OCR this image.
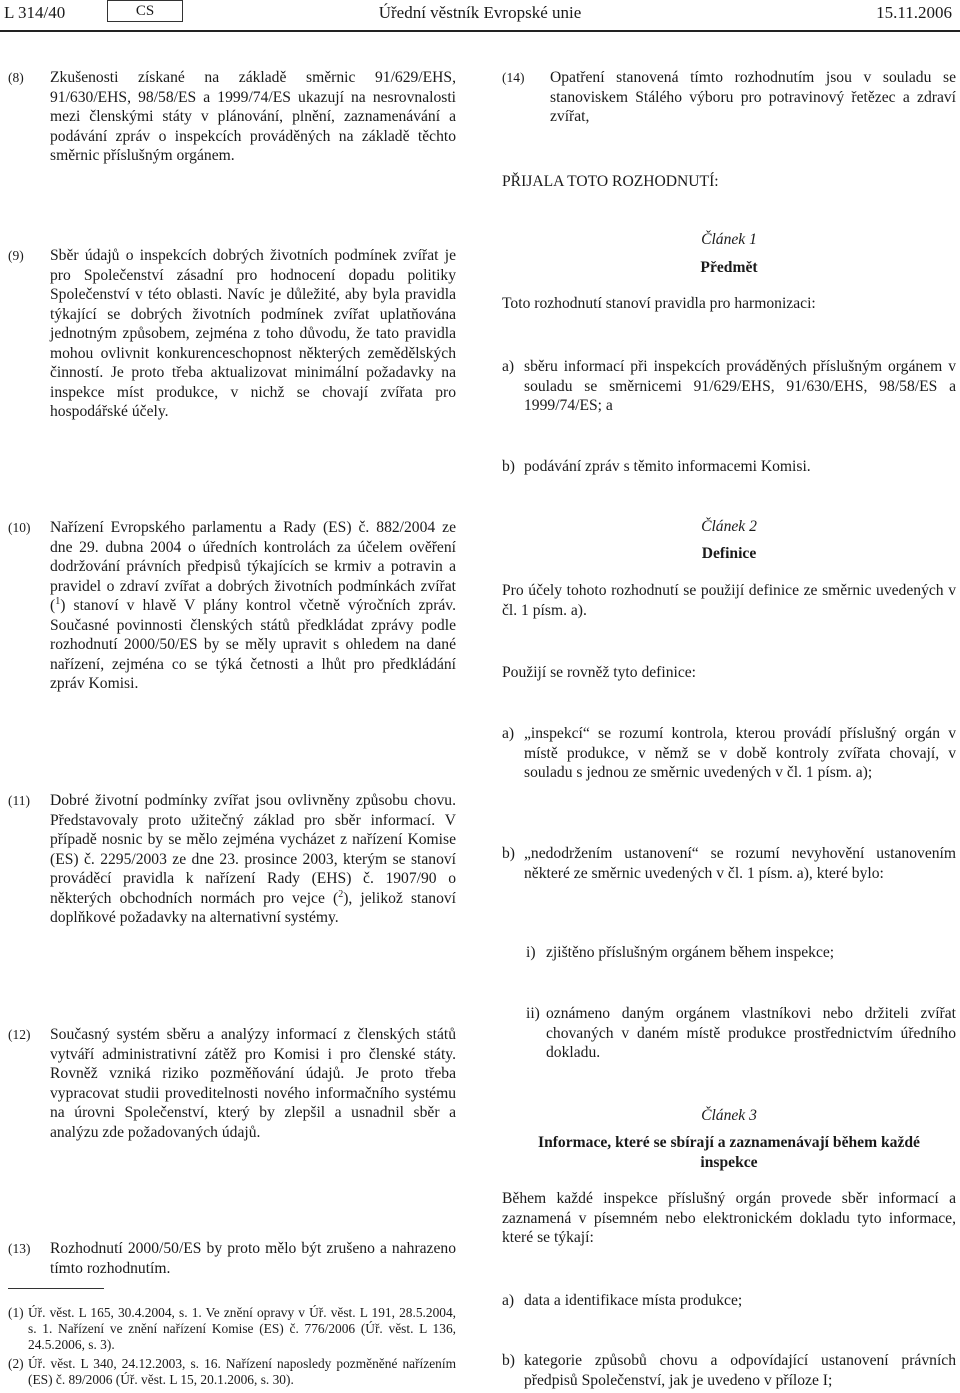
L 314/40	CS	Úřední věstník Evropské unie	15.11.2006
(8) Zkušenosti získané na základě směrnic 91/629/EHS, 91/630/EHS, 98/58/ES a 1999/74/ES ukazují na nesrovnalosti mezi členskými státy v plánování, plnění, zaznamenávání a podávání zpráv o inspekcích prováděných na základě těchto směrnic příslušným orgánem.
(9) Sběr údajů o inspekcích dobrých životních podmínek zvířat je pro Společenství zásadní pro hodnocení dopadu politiky Společenství v této oblasti. Navíc je důležité, aby byla pravidla týkající se dobrých životních podmínek zvířat uplatňována jednotným způsobem, zejména z toho důvodu, že tato pravidla mohou ovlivnit konkurenceschopnost některých zemědělských činností. Je proto třeba aktualizovat minimální požadavky na inspekce míst produkce, v nichž se chovají zvířata pro hospodářské účely.
(10) Nařízení Evropského parlamentu a Rady (ES) č. 882/2004 ze dne 29. dubna 2004 o úředních kontrolách za účelem ověření dodržování právních předpisů týkajících se krmiv a potravin a pravidel o zdraví zvířat a dobrých životních podmínkách zvířat ($^1$) stanoví v hlavě V plány kontrol včetně výročních zpráv. Současné povinnosti členských států předkládat zprávy podle rozhodnutí 2000/50/ES by se měly upravit s ohledem na dané nařízení, zejména co se týká četnosti a lhůt pro předkládání zpráv Komisi.
(11) Dobré životní podmínky zvířat jsou ovlivněny způsobu chovu. Představovaly proto užitečný základ pro sběr informací. V případě nosnic by se mělo zejména vycházet z nařízení Komise (ES) č. 2295/2003 ze dne 23. prosince 2003, kterým se stanoví prováděcí pravidla k nařízení Rady (EHS) č. 1907/90 o některých obchodních normách pro vejce ($^2$), jelikož stanoví doplňkové požadavky na alternativní systémy.
(12) Současný systém sběru a analýzy informací z členských států vytváří administrativní zátěž pro Komisi i pro členské státy. Rovněž vzniká riziko pozměňování údajů. Je proto třeba vypracovat studii proveditelnosti nového informačního systému na úrovni Společenství, který by zlepšil a usnadnil sběr a analýzu zde požadovaných údajů.
(13) Rozhodnutí 2000/50/ES by proto mělo být zrušeno a nahrazeno tímto rozhodnutím.
(1) Úř. věst. L 165, 30.4.2004, s. 1. Ve znění opravy v Úř. věst. L 191, 28.5.2004, s. 1. Nařízení ve znění nařízení Komise (ES) č. 776/2006 (Úř. věst. L 136, 24.5.2006, s. 3).
(2) Úř. věst. L 340, 24.12.2003, s. 16. Nařízení naposledy pozměněné nařízením (ES) č. 89/2006 (Úř. věst. L 15, 20.1.2006, s. 30).
(14) Opatření stanovená tímto rozhodnutím jsou v souladu se stanoviskem Stálého výboru pro potravinový řetězec a zdraví zvířat,
PŘIJALA TOTO ROZHODNUTÍ:
Článek 1
Předmět
Toto rozhodnutí stanoví pravidla pro harmonizaci:
a) sběru informací při inspekcích prováděných příslušným orgánem v souladu se směrnicemi 91/629/EHS, 91/630/EHS, 98/58/ES a 1999/74/ES; a
b) podávání zpráv s těmito informacemi Komisi.
Článek 2
Definice
Pro účely tohoto rozhodnutí se použijí definice ze směrnic uvedených v čl. 1 písm. a).
Použijí se rovněž tyto definice:
a) „inspekcí“ se rozumí kontrola, kterou provádí příslušný orgán v místě produkce, v němž se v době kontroly zvířata chovají, v souladu s jednou ze směrnic uvedených v čl. 1 písm. a);
b) „nedodržením ustanovení“ se rozumí nevyhovění ustanovením některé ze směrnic uvedených v čl. 1 písm. a), které bylo:
i) zjištěno příslušným orgánem během inspekce;
ii) oznámeno daným orgánem vlastníkovi nebo držiteli zvířat chovaných v daném místě produkce prostřednictvím úředního dokladu.
Článek 3
Informace, které se sbírají a zaznamenávají během každé inspekce
Během každé inspekce příslušný orgán provede sběr informací a zaznamená v písemném nebo elektronickém dokladu tyto informace, které se týkají:
a) data a identifikace místa produkce;
b) kategorie způsobů chovu a odpovídající ustanovení právních předpisů Společenství, jak je uvedeno v příloze I;
